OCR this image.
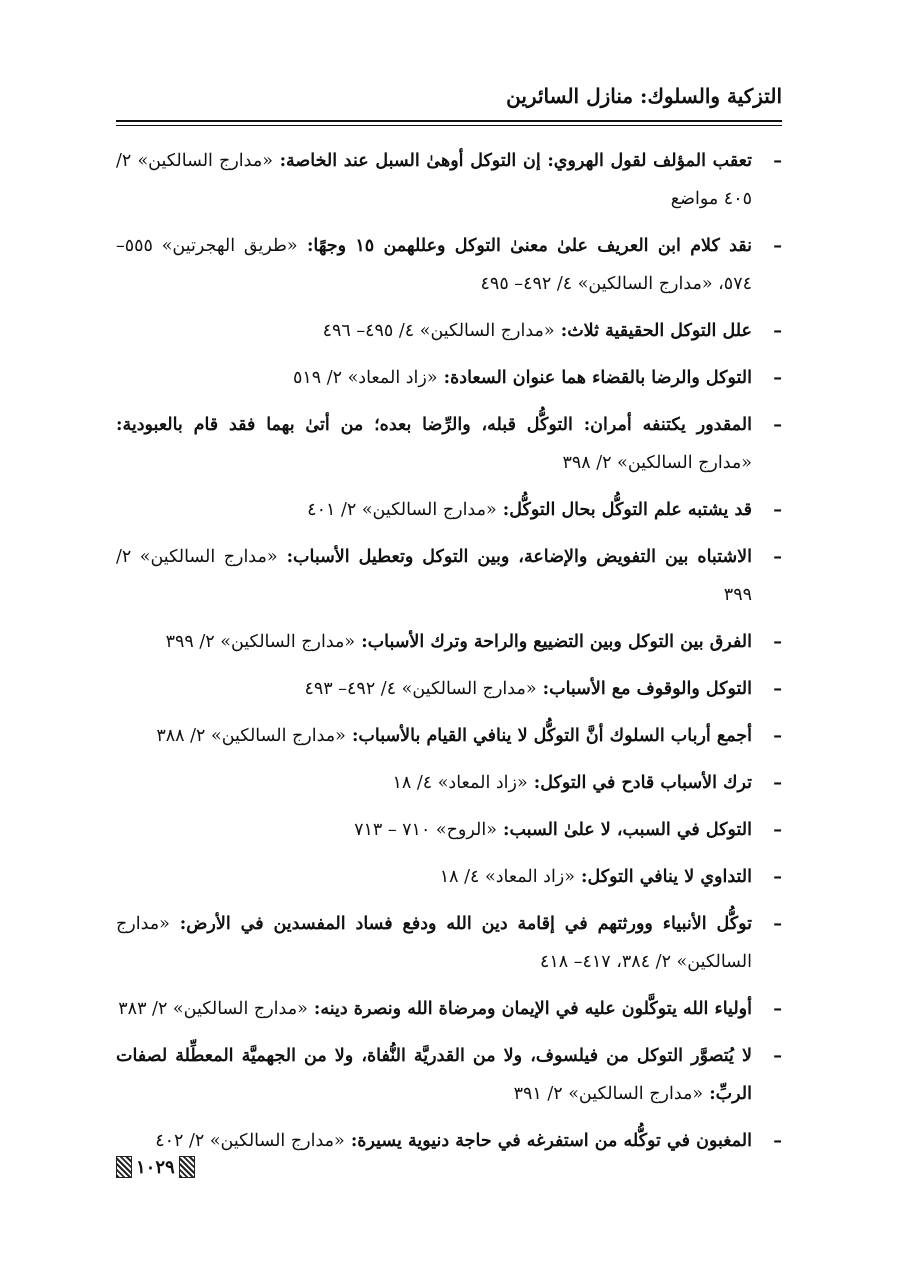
التزكية والسلوك: منازل السائرين
–
تعقب المؤلف لقول الهروي: إن التوكل أوهىٰ السبل عند الخاصة: «مدارج السالكين» ٢/ ٤٠٥ مواضع
–
نقد كلام ابن العريف علىٰ معنىٰ التوكل وعللهمن ١٥ وجهًا: «طريق الهجرتين» ٥٥٥– ٥٧٤، «مدارج السالكين» ٤/ ٤٩٢– ٤٩٥
–
علل التوكل الحقيقية ثلاث: «مدارج السالكين» ٤/ ٤٩٥– ٤٩٦
–
التوكل والرضا بالقضاء هما عنوان السعادة: «زاد المعاد» ٢/ ٥١٩
–
المقدور يكتنفه أمران: التوكُّل قبله، والرِّضا بعده؛ من أتىٰ بهما فقد قام بالعبودية: «مدارج السالكين» ٢/ ٣٩٨
–
قد يشتبه علم التوكُّل بحال التوكُّل: «مدارج السالكين» ٢/ ٤٠١
–
الاشتباه بين التفويض والإضاعة، وبين التوكل وتعطيل الأسباب: «مدارج السالكين» ٢/ ٣٩٩
–
الفرق بين التوكل وبين التضييع والراحة وترك الأسباب: «مدارج السالكين» ٢/ ٣٩٩
–
التوكل والوقوف مع الأسباب: «مدارج السالكين» ٤/ ٤٩٢– ٤٩٣
–
أجمع أرباب السلوك أنَّ التوكُّل لا ينافي القيام بالأسباب: «مدارج السالكين» ٢/ ٣٨٨
–
ترك الأسباب قادح في التوكل: «زاد المعاد» ٤/ ١٨
–
التوكل في السبب، لا علىٰ السبب: «الروح» ٧١٠ – ٧١٣
–
التداوي لا ينافي التوكل: «زاد المعاد» ٤/ ١٨
–
توكُّل الأنبياء وورثتهم في إقامة دين الله ودفع فساد المفسدين في الأرض: «مدارج السالكين» ٢/ ٣٨٤، ٤١٧– ٤١٨
–
أولياء الله يتوكَّلون عليه في الإيمان ومرضاة الله ونصرة دينه: «مدارج السالكين» ٢/ ٣٨٣
–
لا يُتصوَّر التوكل من فيلسوف، ولا من القدريَّة النُّفاة، ولا من الجهميَّة المعطِّلة لصفات الربِّ: «مدارج السالكين» ٢/ ٣٩١
–
المغبون في توكُّله من استفرغه في حاجة دنيوية يسيرة: «مدارج السالكين» ٢/ ٤٠٢
١٠٢٩
